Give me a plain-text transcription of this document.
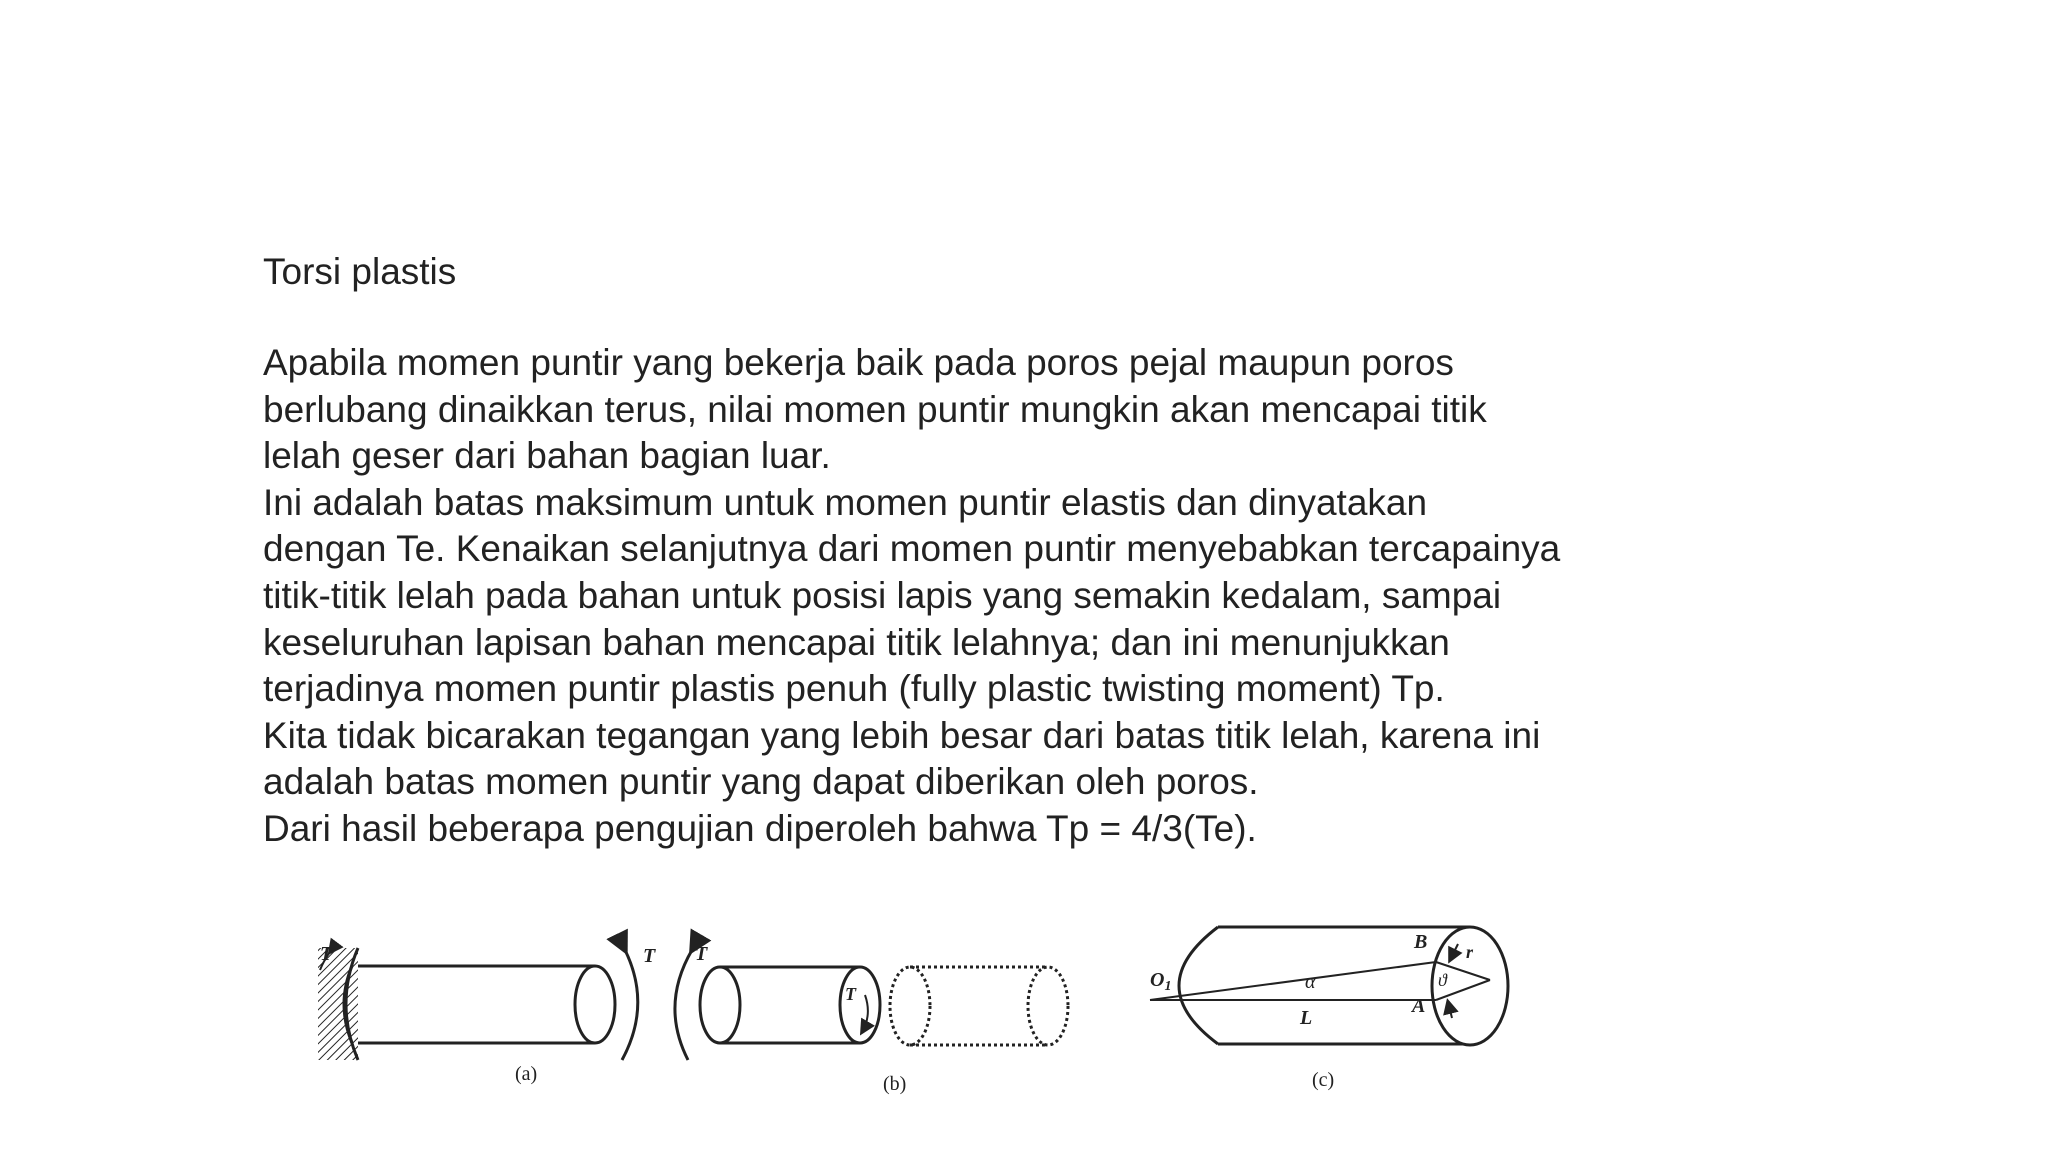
Torsi plastis
Apabila momen puntir yang bekerja baik pada poros pejal maupun poros
berlubang dinaikkan terus, nilai momen puntir mungkin akan mencapai titik
lelah geser dari bahan bagian luar.
Ini adalah batas maksimum untuk momen puntir elastis dan dinyatakan
dengan Te. Kenaikan selanjutnya dari momen puntir menyebabkan tercapainya
titik-titik lelah pada bahan untuk posisi lapis yang semakin kedalam, sampai
keseluruhan lapisan bahan mencapai titik lelahnya; dan ini menunjukkan
terjadinya momen puntir plastis penuh (fully plastic twisting moment) Tp.
Kita tidak bicarakan tegangan yang lebih besar dari batas titik lelah, karena ini
adalah batas momen puntir yang dapat diberikan oleh poros.
Dari hasil beberapa pengujian diperoleh bahwa Tp = 4/3(Te).
T	T
(a)
T
T
(b)
$O_1$	α
L
A
B r
ϑ
(c)
